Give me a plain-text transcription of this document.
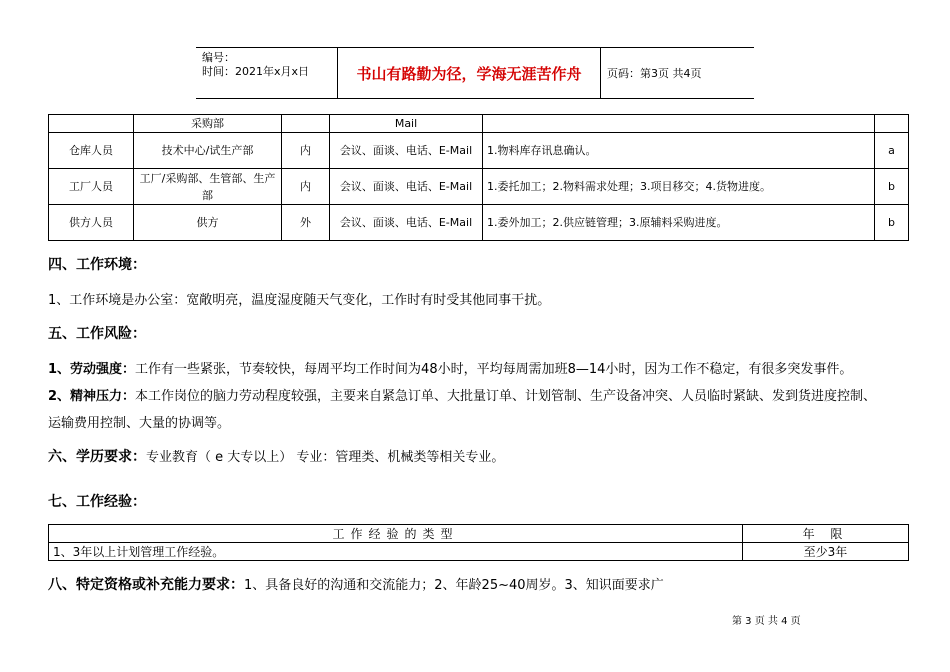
编号：
时间：2021年x月x日	书山有路勤为径，学海无涯苦作舟	页码：第3页 共4页
	采购部		Mail		
仓库人员	技术中心/试生产部	内	会议、面谈、电话、E-Mail	1.物料库存讯息确认。	a
工厂人员	工厂/采购部、生管部、生产部	内	会议、面谈、电话、E-Mail	1.委托加工；2.物料需求处理；3.项目移交；4.货物进度。	b
供方人员	供方	外	会议、面谈、电话、E-Mail	1.委外加工；2.供应链管理；3.原辅料采购进度。	b
四、工作环境：
1、工作环境是办公室：宽敞明亮，温度湿度随天气变化，工作时有时受其他同事干扰。
五、工作风险：
1、劳动强度：工作有一些紧张，节奏较快，每周平均工作时间为48小时，平均每周需加班8—14小时，因为工作不稳定，有很多突发事件。
2、精神压力：本工作岗位的脑力劳动程度较强，主要来自紧急订单、大批量订单、计划管制、生产设备冲突、人员临时紧缺、发到货进度控制、
运输费用控制、大量的协调等。
六、学历要求：专业教育（ e 大专以上） 专业：管理类、机械类等相关专业。
七、工作经验：
工作经验的类型	年 限
1、3年以上计划管理工作经验。	至少3年
八、特定资格或补充能力要求：1、具备良好的沟通和交流能力；2、年龄25~40周岁。3、知识面要求广
第 3 页 共 4 页
